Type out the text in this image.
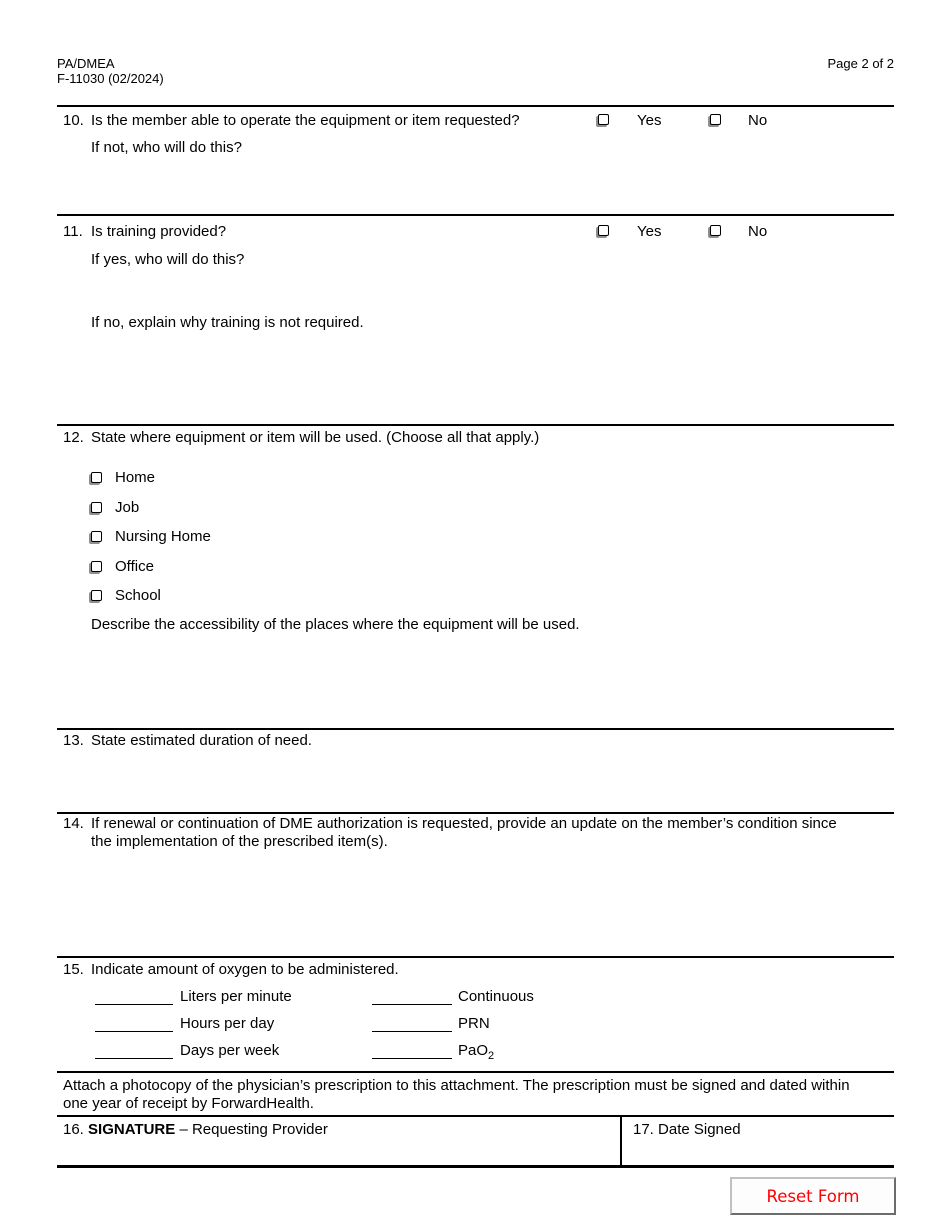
PA/DMEA
F-11030 (02/2024)
Page 2 of 2
10. Is the member able to operate the equipment or item requested?	Yes	No
If not, who will do this?
11. Is training provided?	Yes	No
If yes, who will do this?
If no, explain why training is not required.
12. State where equipment or item will be used. (Choose all that apply.)
Home
Job
Nursing Home
Office
School
Describe the accessibility of the places where the equipment will be used.
13. State estimated duration of need.
14. If renewal or continuation of DME authorization is requested, provide an update on the member’s condition since
the implementation of the prescribed item(s).
15. Indicate amount of oxygen to be administered.
Liters per minute	Continuous
Hours per day	PRN
Days per week	PaO$_2$
Attach a photocopy of the physician’s prescription to this attachment. The prescription must be signed and dated within
one year of receipt by ForwardHealth.
16. SIGNATURE – Requesting Provider	17. Date Signed
Reset Form
